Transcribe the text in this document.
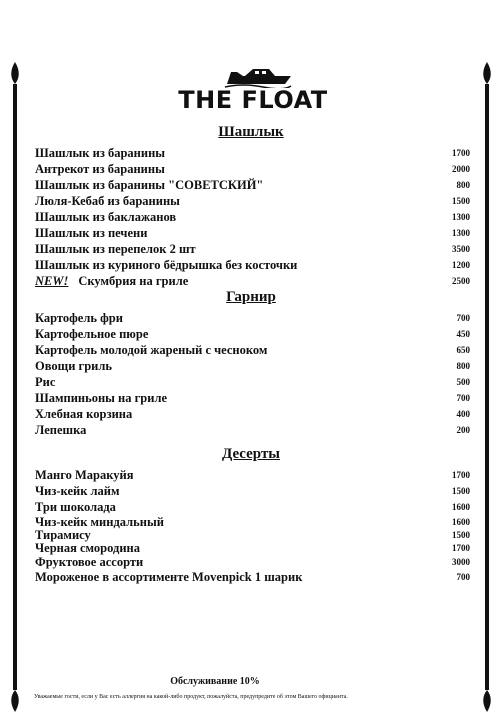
THE FLOAT
Шашлык
Шашлык из баранины	1700
Антрекот из баранины	2000
Шашлык из баранины "СОВЕТСКИЙ"	800
Люля-Кебаб из баранины	1500
Шашлык из баклажанов	1300
Шашлык из печени	1300
Шашлык из перепелок 2 шт	3500
Шашлык из куриного бёдрышка без косточки	1200
NEW! Скумбрия на гриле	2500
Гарнир
Картофель фри	700
Картофельное пюре	450
Картофель молодой жареный с чесноком	650
Овощи гриль	800
Рис	500
Шампиньоны на гриле	700
Хлебная корзина	400
Лепешка	200
Десерты
Манго Маракуйя	1700
Чиз-кейк лайм	1500
Три шоколада	1600
Чиз-кейк миндальный	1600
Тирамису	1500
Черная смородина	1700
Фруктовое ассорти	3000
Мороженое в ассортименте Movenpick 1 шарик	700
Обслуживание 10%
Уважаемые гости, если у Вас есть аллергия на какой-либо продукт, пожалуйста, предупредите об этом Вашего официанта.
